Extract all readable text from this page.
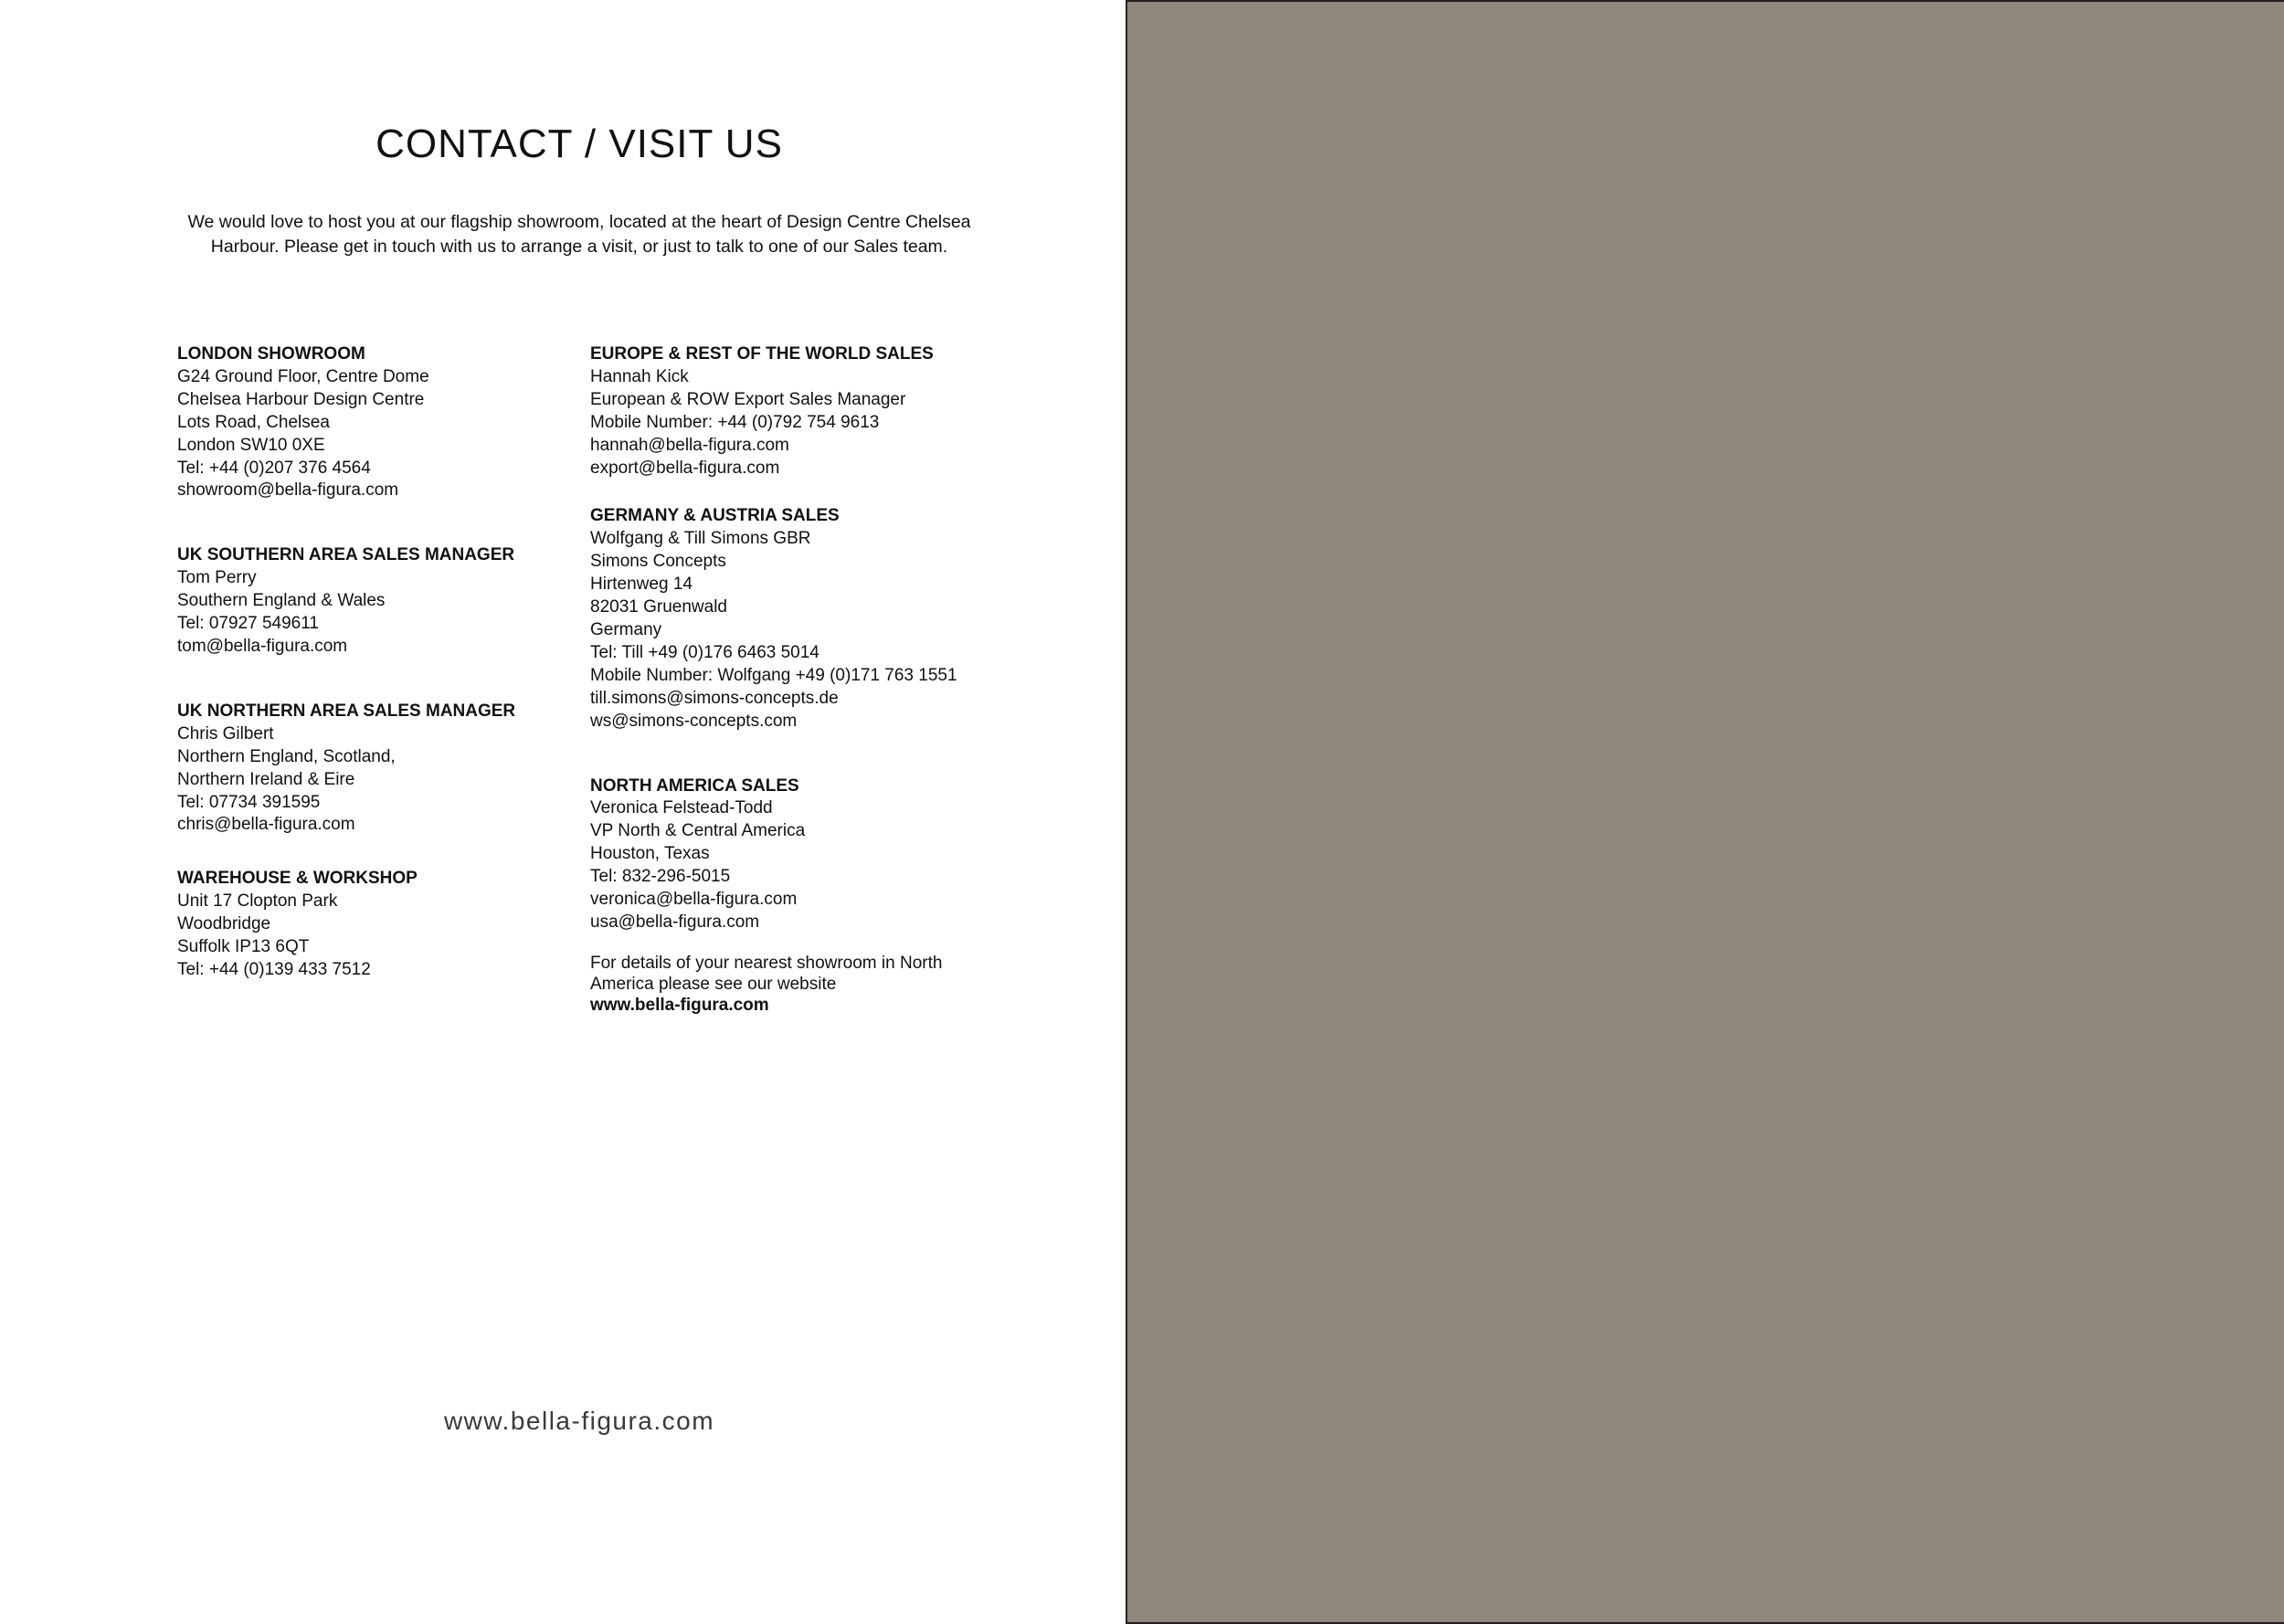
CONTACT / VISIT US
We would love to host you at our flagship showroom, located at the heart of Design Centre Chelsea
Harbour. Please get in touch with us to arrange a visit, or just to talk to one of our Sales team.
LONDON SHOWROOM
G24 Ground Floor, Centre Dome
Chelsea Harbour Design Centre
Lots Road, Chelsea
London SW10 0XE
Tel: +44 (0)207 376 4564
showroom@bella-figura.com
UK SOUTHERN AREA SALES MANAGER
Tom Perry
Southern England & Wales
Tel: 07927 549611
tom@bella-figura.com
UK NORTHERN AREA SALES MANAGER
Chris Gilbert
Northern England, Scotland,
Northern Ireland & Eire
Tel: 07734 391595
chris@bella-figura.com
WAREHOUSE & WORKSHOP
Unit 17 Clopton Park
Woodbridge
Suffolk IP13 6QT
Tel: +44 (0)139 433 7512
EUROPE & REST OF THE WORLD SALES
Hannah Kick
European & ROW Export Sales Manager
Mobile Number: +44 (0)792 754 9613
hannah@bella-figura.com
export@bella-figura.com
GERMANY & AUSTRIA SALES
Wolfgang & Till Simons GBR
Simons Concepts
Hirtenweg 14
82031 Gruenwald
Germany
Tel: Till +49 (0)176 6463 5014
Mobile Number: Wolfgang +49 (0)171 763 1551
till.simons@simons-concepts.de
ws@simons-concepts.com
NORTH AMERICA SALES
Veronica Felstead-Todd
VP North & Central America
Houston, Texas
Tel: 832-296-5015
veronica@bella-figura.com
usa@bella-figura.com
For details of your nearest showroom in North
America please see our website
www.bella-figura.com
www.bella-figura.com
